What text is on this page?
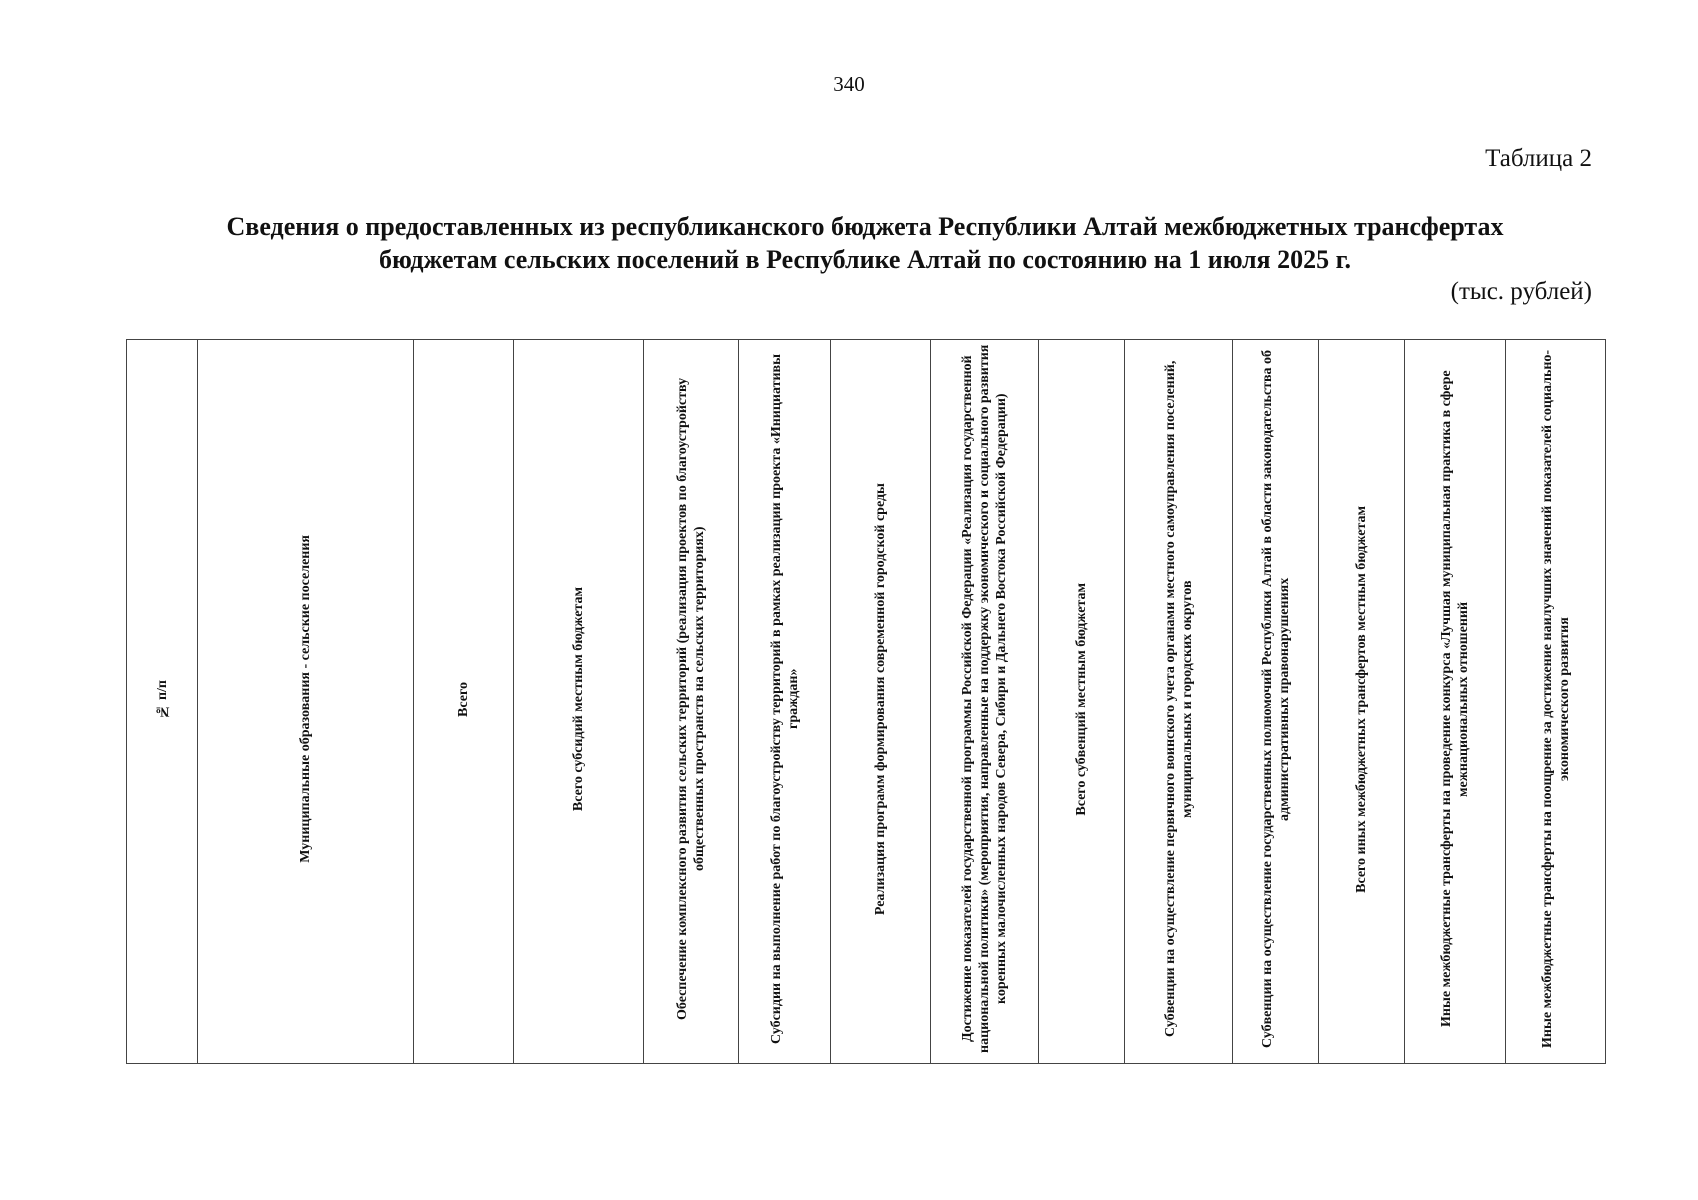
340
Таблица 2
Сведения о предоставленных из республиканского бюджета Республики Алтай межбюджетных трансфертах
бюджетам сельских поселений в Республике Алтай по состоянию на 1 июля 2025 г.
(тыс. рублей)
№ п/п	Муниципальные образования - сельские поселения	Всего	Всего субсидий местным бюджетам	Обеспечение комплексного развития сельских территорий (реализация проектов по благоустройству общественных пространств на сельских территориях)	Субсидии на выполнение работ по благоустройству территорий в рамках реализации проекта «Инициативы граждан»	Реализация программ формирования современной городской среды	Достижение показателей государственной программы Российской Федерации «Реализация государственной национальной политики» (мероприятия, направленные на поддержку экономического и социального развития коренных малочисленных народов Севера, Сибири и Дальнего Востока Российской Федерации)	Всего субвенций местным бюджетам	Субвенции на осуществление первичного воинского учета органами местного самоуправления поселений, муниципальных и городских округов	Субвенции на осуществление государственных полномочий Республики Алтай в области законодательства об административных правонарушениях	Всего иных межбюджетных трансфертов местным бюджетам	Иные межбюджетные трансферты на проведение конкурса «Лучшая муниципальная практика в сфере межнациональных отношений	Иные межбюджетные трансферты на поощрение за достижение наилучших значений показателей социально-экономического развития
